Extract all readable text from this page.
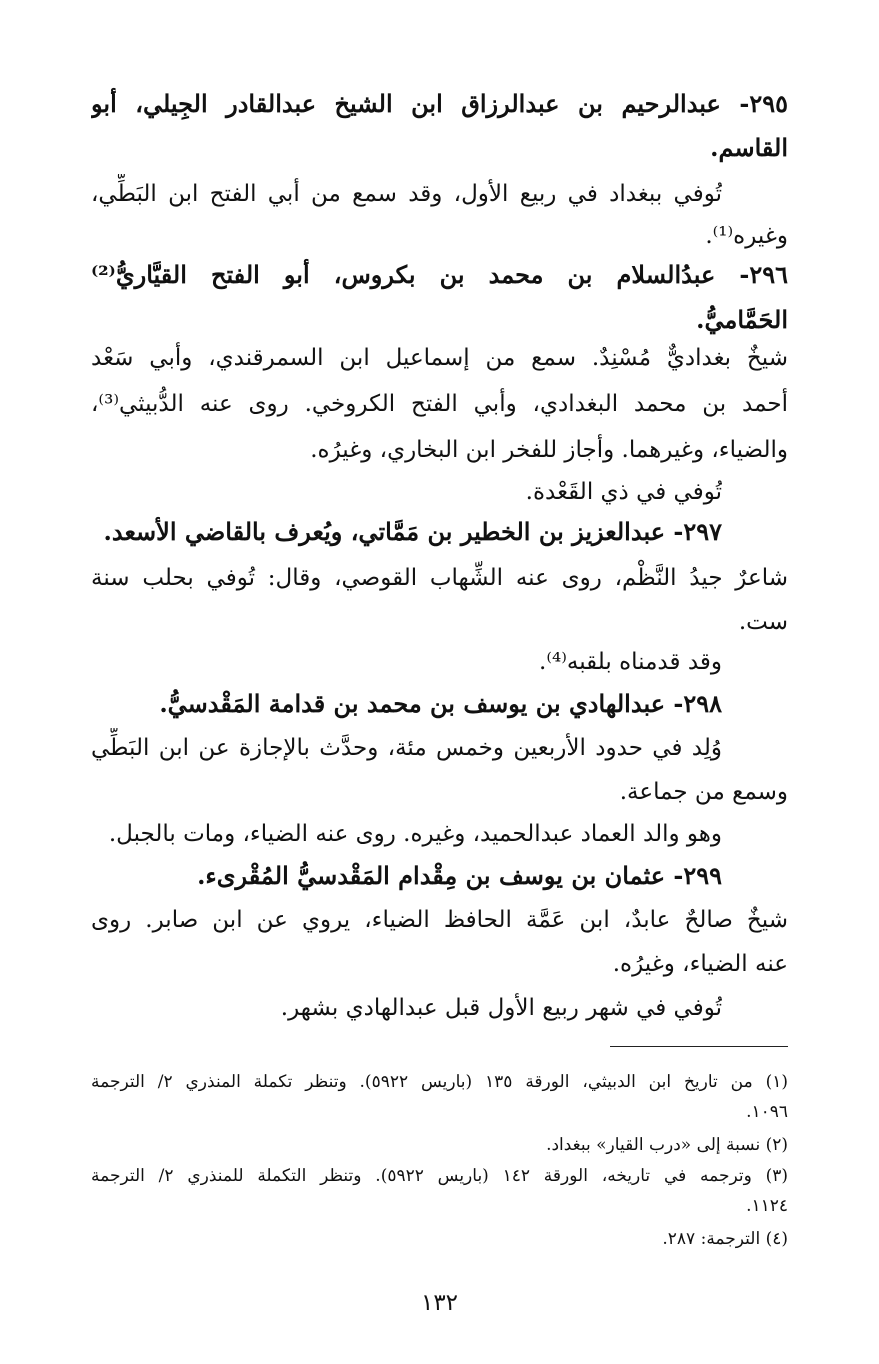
٢٩٥- عبدالرحيم بن عبدالرزاق ابن الشيخ عبدالقادر الجِيلي، أبو
القاسم.
تُوفي ببغداد في ربيع الأول، وقد سمع من أبي الفتح ابن البَطِّي،
وغيره⁽¹⁾.
٢٩٦- عبدُالسلام بن محمد بن بكروس، أبو الفتح القيَّاريُّ⁽²⁾
الحَمَّاميُّ.
شيخٌ بغداديٌّ مُسْنِدٌ. سمع من إسماعيل ابن السمرقندي، وأبي سَعْد
أحمد بن محمد البغدادي، وأبي الفتح الكروخي. روى عنه الدُّبيثي⁽³⁾،
والضياء، وغيرهما. وأجاز للفخر ابن البخاري، وغيرُه.
تُوفي في ذي القَعْدة.
٢٩٧- عبدالعزيز بن الخطير بن مَمَّاتي، ويُعرف بالقاضي الأسعد.
شاعرٌ جيدُ النَّظْم، روى عنه الشِّهاب القوصي، وقال: تُوفي بحلب سنة
ست.
وقد قدمناه بلقبه⁽⁴⁾.
٢٩٨- عبدالهادي بن يوسف بن محمد بن قدامة المَقْدسيُّ.
وُلِد في حدود الأربعين وخمس مئة، وحدَّث بالإجازة عن ابن البَطِّي
وسمع من جماعة.
وهو والد العماد عبدالحميد، وغيره. روى عنه الضياء، ومات بالجبل.
٢٩٩- عثمان بن يوسف بن مِقْدام المَقْدسيُّ المُقْرىء.
شيخٌ صالحٌ عابدٌ، ابن عَمَّة الحافظ الضياء، يروي عن ابن صابر. روى
عنه الضياء، وغيرُه.
تُوفي في شهر ربيع الأول قبل عبدالهادي بشهر.
(١) من تاريخ ابن الدبيثي، الورقة ١٣٥ (باريس ٥٩٢٢). وتنظر تكملة المنذري ٢/ الترجمة
١٠٩٦.
(٢) نسبة إلى «درب القيار» ببغداد.
(٣) وترجمه في تاريخه، الورقة ١٤٢ (باريس ٥٩٢٢). وتنظر التكملة للمنذري ٢/ الترجمة
١١٢٤.
(٤) الترجمة: ٢٨٧.
١٣٢
